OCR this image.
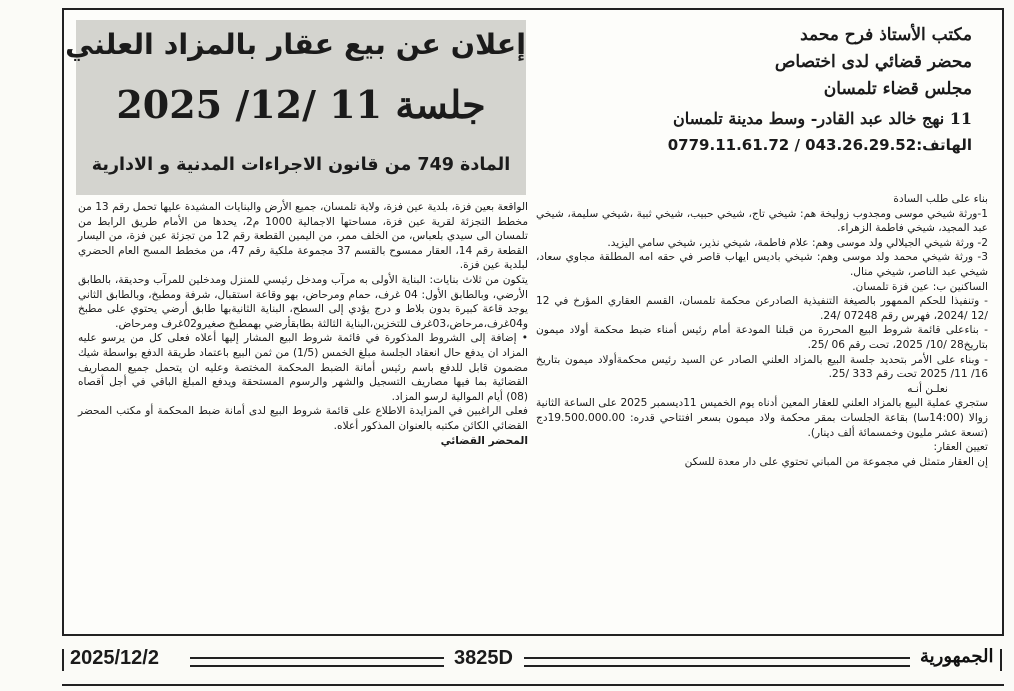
مكتب الأستاذ فرح محمد
محضر قضائي لدى اختصاص
مجلس قضاء تلمسان
11 نهج خالد عبد القادر- وسط مدينة تلمسان
الهاتف:043.26.29.52 / 0779.11.61.72

بناء على طلب السادة

1-ورثة شيخي موسى ومجدوب زوليخة هم: شيخي تاج، شيخي حبيب، شيخي ثبية ،شيخي سليمة، شيخي عبد المجيد، شيخي فاطمة الزهراء.

2- ورثة شيخي الجيلالي ولد موسى وهم: علام فاطمة، شيخي نذير، شيخي سامي اليزيد.

3- ورثة شيخي محمد ولد موسى وهم: شيخي باديس ايهاب قاصر في حقه امه المطلقة مجاوي سعاد، شيخي عبد الناصر، شيخي منال.

الساكنين ب: عين فزة تلمسان.

- وتنفيذا للحكم الممهور بالصيغة التنفيذية الصادرعن محكمة تلمسان، القسم العقاري المؤرخ في 12 /12 /2024، فهرس رقم 07248 /24.

- بناءعلى قائمة شروط البيع المحررة من قبلنا المودعة أمام رئيس أمناء ضبط محكمة أولاد ميمون بتاريخ28 /10/ 2025، تحت رقم 06 /25.

- وبناء على الأمر بتحديد جلسة البيع بالمزاد العلني الصادر عن السيد رئيس محكمةأولاد ميمون بتاريخ 16/ 11/ 2025 تحت رقم 333 /25.

نعلـن أنـه

ستجري عملية البيع بالمزاد العلني للعقار المعين أدناه يوم الخميس 11ديسمبر 2025 على الساعة الثانية زوالا (14:00سا) بقاعة الجلسات بمقر محكمة ولاد ميمون بسعر افتتاحي قدره: 19.500.000.00دج (تسعة عشر مليون وخمسمائة ألف دينار).

تعيين العقار:

إن العقار متمثل في مجموعة من المباني تحتوي على دار معدة للسكن

إعلان عن بيع عقار بالمزاد العلني
جلسة 11 /12/ 2025
المادة 749 من قانون الاجراءات المدنية و الادارية

الواقعة بعين فزة، بلدية عين فزة، ولاية تلمسان، جميع الأرض والبنايات المشيدة عليها تحمل رقم 13 من مخطط التجزئة لقرية عين فزة، مساحتها الاجمالية 1000 م2، يحدها من الأمام طريق الرابط من تلمسان الى سيدي بلعباس، من الخلف ممر، من اليمين القطعة رقم 12 من تجزئة عين فزة، من اليسار القطعة رقم 14، العقار ممسوح بالقسم 37 مجموعة ملكية رقم 47، من مخطط المسح العام الحضري لبلدية عين فزة.

يتكون من ثلاث بنايات: البناية الأولى به مرآب ومدخل رئيسي للمنزل ومدخلين للمرآب وحديقة، بالطابق الأرضي، وبالطابق الأول: 04 غرف، حمام ومرحاض، بهو وقاعة استقبال، شرفة ومطبخ، وبالطابق الثاني يوجد قاعة كبيرة بدون بلاط و درج يؤدي إلى السطح، البناية الثانيةبها طابق أرضي يحتوي على مطبخ و04غرف،مرحاض،03غرف للتخزين،البناية الثالثة بطابقأرضي بهمطبخ صغيرو02غرف ومرحاض.

• إضافة إلى الشروط المذكورة في قائمة شروط البيع المشار إليها أعلاه فعلى كل من يرسو عليه المزاد ان يدفع حال انعقاد الجلسة مبلغ الخمس (1/5) من ثمن البيع باعتماد طريقة الدفع بواسطة شيك مضمون قابل للدفع باسم رئيس أمانة الضبط المحكمة المختصة وعليه ان يتحمل جميع المصاريف القضائية بما فيها مصاريف التسجيل والشهر والرسوم المستحقة ويدفع المبلغ الباقي في أجل أقصاه (08) أيام الموالية لرسو المزاد.

فعلى الراغبين في المزايدة الاطلاع على قائمة شروط البيع لدى أمانة ضبط المحكمة أو مكتب المحضر القضائي الكائن مكتبه بالعنوان المذكور أعلاه.

المحضر القضائي

2025/12/2	3825D	الجمهورية
